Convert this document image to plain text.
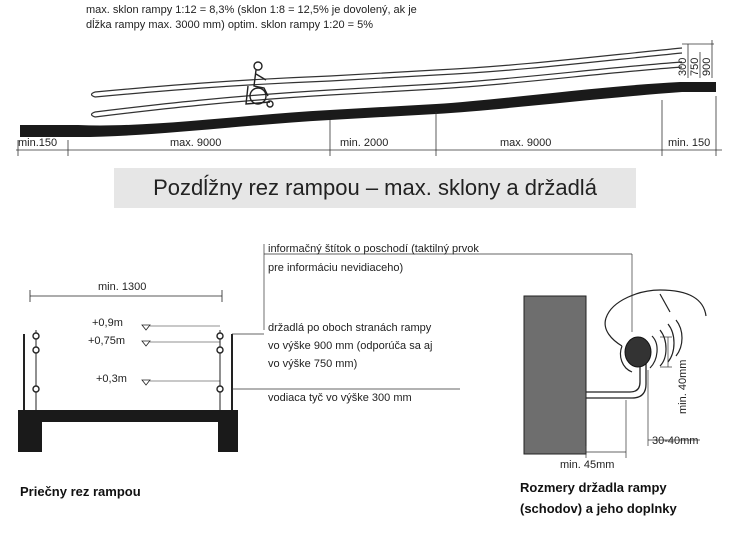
max. sklon rampy 1:12 = 8,3% (sklon 1:8 = 12,5% je dovolený, ak je
dĺžka rampy max. 3000 mm) optim. sklon rampy 1:20 = 5%
300 750 900
min.150	max. 9000	min. 2000	max. 9000	min. 150
min. 1300
+0,9m
+0,75m
+0,3m
Priečny rez rampou
informačný štítok o poschodí (taktilný prvok
pre informáciu nevidiaceho)
držadlá po oboch stranách rampy
vo výške 900 mm (odporúča sa aj
vo výške 750 mm)
vodiaca tyč vo výške 300 mm	min. 40mm
30-40mm
min. 45mm
Rozmery držadla rampy
(schodov) a jeho doplnky
Pozdĺžny rez rampou – max. sklony a držadlá
